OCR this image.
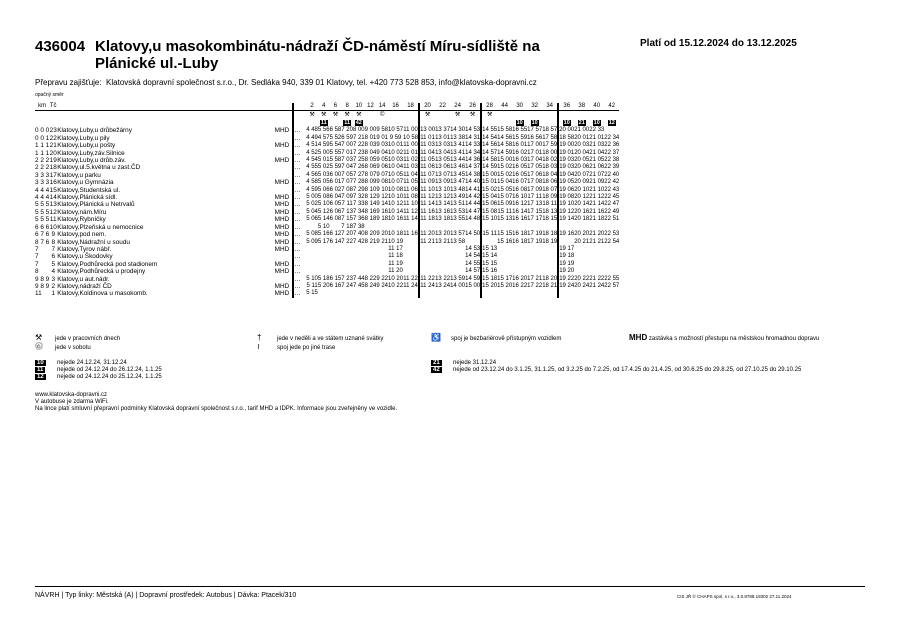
436004 Klatovy,u masokombinátu-nádraží ČD-náměstí Míru-sídliště na Plánické ul.-Luby
Platí od 15.12.2024 do 13.12.2025
Přepravu zajišťuje: Klatovská dopravní společnost s.r.o., Dr. Sedláka 940, 339 01 Klatovy, tel. +420 773 528 853, info@klatovska-dopravni.cz
opačný směr
km	Tč				2	4	6	8	10	12	14	16	18	20	22	24	26	28	44	30	32	34	36	38	40	42
					⚒	⚒	⚒	⚒	⚒		©			⚒		⚒	⚒	⚒								
						11		11	42											10	10		10	21	10	12
0 0 0	23	Klatovy,Luby,u drůbežárny	MHD	…	4 48	5 56	6 58	7 20	8 00	9 00	9 58	10 57	11 00	13 00	13 37	14 30	14 53	14 55	15 58	16 55	17 57	18 57	20 00	21 00	22 33	
0 0 1	22	Klatovy,Luby,u pily		…	4 49	4 57	5 52	6 59	7 21	8 01	9 01	9 59	10 58	11 01	13 01	13 38	14 31	14 54	14 56	15 59	16 56	17 58	18 58	20 01	21 01	22 34
1 1 1	21	Klatovy,Luby,u pošty	MHD	…	4 51	4 59	5 54	7 00	7 22	8 03	9 03	10 01	11 00	11 03	13 03	13 41	14 33	14 56	14 58	16 01	17 00	17 59	19 00	20 03	21 03	22 36
1 1 1	20	Klatovy,Luby,záv.Silnice		…	4 52	5 00	5 55	7 01	7 23	8 04	9 04	10 02	11 01	11 04	13 04	13 41	14 34	14 57	14 59	16 02	17 01	18 00	19 01	20 04	21 04	22 37
2 2 2	19	Klatovy,Luby,u drůb.záv.	MHD	…	4 54	5 01	5 58	7 03	7 25	8 05	9 05	10 03	11 02	11 05	13 05	13 44	14 36	14 58	15 00	16 03	17 04	18 02	19 03	20 05	21 05	22 38
2 2 2	18	Klatovy,ul.5.května u zast.ČD		…	4 55	5 02	5 59	7 04	7 26	8 06	9 06	10 04	11 03	11 06	13 06	13 46	14 37	14 59	15 02	16 05	17 05	18 03	19 03	20 06	21 06	22 39
3 3 3	17	Klatovy,u parku		…	4 56	5 03	6 00	7 05	7 27	8 07	9 07	10 05	11 04	11 07	13 07	13 45	14 38	15 00	15 02	16 05	17 06	18 04	19 04	20 07	21 07	22 40
3 3 3	16	Klatovy,u Gymnázia	MHD	…	4 58	5 05	6 01	7 07	7 28	8 09	9 08	10 07	11 05	11 09	13 09	13 47	14 40	15 01	15 04	16 07	17 08	18 06	19 05	20 09	21 09	22 42
4 4 4	15	Klatovy,Studentská ul.		…	4 59	5 06	6 02	7 08	7 29	8 10	9 10	10 08	11 06	11 10	13 10	13 48	14 41	15 02	15 05	16 08	17 09	18 07	19 06	20 10	21 10	22 43
4 4 4	14	Klatovy,Plánická sídl.	MHD	…	5 00	5 08	6 04	7 09	7 32	8 12	9 12	10 10	11 08	11 12	13 12	13 49	14 42	15 04	15 07	16 10	17 11	18 09	19 08	20 12	21 12	22 45
5 5 5	13	Klatovy,Plánická u Netrvalů	MHD	…	5 02	5 10	6 05	7 11	7 33	8 14	9 14	10 12	11 10	11 14	13 14	13 51	14 44	15 06	15 09	16 12	17 13	18 11	19 10	20 14	21 14	22 47
5 5 5	12	Klatovy,nám.Míru	MHD	…	5 04	5 12	6 06	7 13	7 34	8 16	9 16	10 14	11 12	11 16	13 16	13 53	14 47	15 08	15 11	16 14	17 15	18 13	19 12	20 16	21 16	22 49
5 5 5	11	Klatovy,Rybníčky	MHD	…	5 06	5 14	6 08	7 15	7 36	8 18	9 18	10 16	11 14	11 18	13 18	13 55	14 48	15 10	15 13	16 16	17 17	18 15	19 14	20 18	21 18	22 51
6 6 6	10	Klatovy,Plzeňská u nemocnice	MHD	…		5 10		7 18	7 38																	
6 7 6	9	Klatovy,pod nem.	MHD	…	5 08	5 16	6 12	7 20	7 40	8 20	9 20	10 18	11 16	11 20	13 20	13 57	14 50	15 11	15 15	16 18	17 19	18 18	19 16	20 20	21 20	22 53
8 7 6	8	Klatovy,Nádražní u soudu	MHD	…	5 09	5 17	6 14	7 22	7 42	8 21	9 21	10 19		11 21	13 21	13 58			15 16	16 18	17 19	18 19		20 21	21 21	22 54
7	7	Klatovy,Tyrov nábř.	MHD	…								11 17					14 53	15 13					19 17			
7	6	Klatovy,u Škodovky		…								11 18					14 54	15 14					19 18			
7	5	Klatovy,Podhůrecká pod stadionem	MHD	…								11 19					14 55	15 15					19 19			
8	4	Klatovy,Podhůrecká u prodejny	MHD	…								11 20					14 57	15 16					19 20			
9 8 9	3	Klatovy,u aut.nádr.		…	5 10	5 18	6 15	7 23	7 44	8 22	9 22	10 20	11 22	11 22	13 22	13 59	14 59	15 18	15 17	16 20	17 21	18 20	19 22	20 22	21 22	22 55
9 8 9	2	Klatovy,nádraží ČD	MHD	…	5 11	5 20	6 16	7 24	7 45	8 24	9 24	10 22	11 24	11 24	13 24	14 00	15 00	15 20	15 20	16 22	17 22	18 21	19 24	20 24	21 24	22 57
11	1	Klatovy,Koldinova u masokomb.	MHD	…	5 15																					
⚒ jede v pracovních dnech
⓺ jede v sobotu
†	jede v neděli a ve státem uznané svátky
≀	spoj jede po jiné trase
♿ spoj je bezbariérově přístupným vozidlem	MHD zastávka s možností přestupu na městskou hromadnou dopravu
10 nejede 24.12.24, 31.12.24
11 nejede od 24.12.24 do 26.12.24, 1.1.25
12 nejede od 24.12.24 do 25.12.24, 1.1.25
21 nejede 31.12.24
42	nejede od 23.12.24 do 3.1.25, 31.1.25, od 3.2.25 do 7.2.25, od 17.4.25 do 21.4.25, od 30.6.25 do 29.8.25, od 27.10.25 do 29.10.25
www.klatovska-dopravni.cz
V autobuse je zdarma WiFi.
Na lince platí smluvní přepravní podmínky Klatovská dopravní společnost s.r.o., tarif MHD a IDPK. Informace jsou zveřejněny ve vozidle.
NÁVRH | Typ linky: Městská (A) | Dopravní prostředek: Autobus | Dávka: Ptacek/310	CIS JŘ © CHAPS spol. s r.o., 3.0.8788.19302 27.11.2024
